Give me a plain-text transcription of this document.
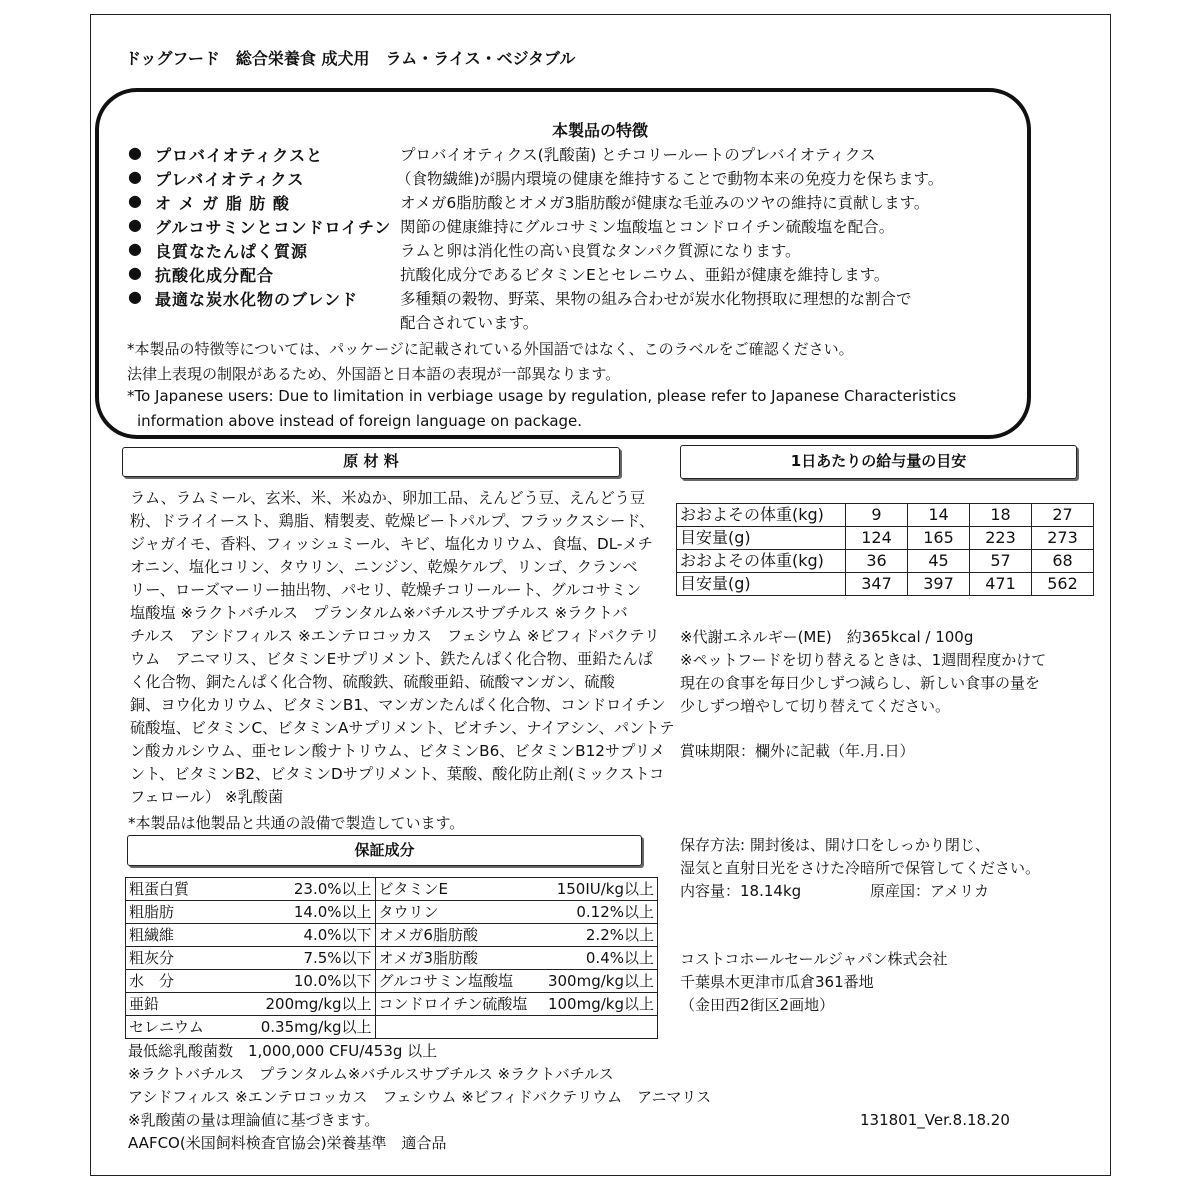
ドッグフード　総合栄養食 成犬用　ラム・ライス・ベジタブル
本製品の特徴
● プロバイオティクスと	プロバイオティクス(乳酸菌) とチコリールートのプレバイオティクス
● プレバイオティクス	（食物繊維)が腸内環境の健康を維持することで動物本来の免疫力を保ちます。
● オ メ ガ 脂 肪 酸	オメガ6脂肪酸とオメガ3脂肪酸が健康な毛並みのツヤの維持に貢献します。
● グルコサミンとコンドロイチン 関節の健康維持にグルコサミン塩酸塩とコンドロイチン硫酸塩を配合。
● 良質なたんぱく質源	ラムと卵は消化性の高い良質なタンパク質源になります。
● 抗酸化成分配合	抗酸化成分であるビタミンEとセレニウム、亜鉛が健康を維持します。
● 最適な炭水化物のブレンド	多種類の穀物、野菜、果物の組み合わせが炭水化物摂取に理想的な割合で
配合されています。
*本製品の特徴等については、パッケージに記載されている外国語ではなく、このラベルをご確認ください。
法律上表現の制限があるため、外国語と日本語の表現が一部異なります。
*To Japanese users: Due to limitation in verbiage usage by regulation, please refer to Japanese Characteristics
information above instead of foreign language on package.
原 材 料
ラム、ラムミール、玄米、米、米ぬか、卵加工品、えんどう豆、えんどう豆
粉、ドライイースト、鶏脂、精製麦、乾燥ビートパルプ、フラックスシード、
ジャガイモ、香料、フィッシュミール、キビ、塩化カリウム、食塩、DL-メチ
オニン、塩化コリン、タウリン、ニンジン、乾燥ケルプ、リンゴ、クランベ
リー、ローズマーリー抽出物、パセリ、乾燥チコリールート、グルコサミン
塩酸塩 ※ラクトバチルス　プランタルム※バチルスサブチルス ※ラクトバ
チルス　アシドフィルス ※エンテロコッカス　フェシウム ※ビフィドバクテリ
ウム　アニマリス、ビタミンEサプリメント、鉄たんぱく化合物、亜鉛たんぱ
く化合物、銅たんぱく化合物、硫酸鉄、硫酸亜鉛、硫酸マンガン、硫酸
銅、ヨウ化カリウム、ビタミンB1、マンガンたんぱく化合物、コンドロイチン
硫酸塩、ビタミンC、ビタミンAサプリメント、ビオチン、ナイアシン、パントテ
ン酸カルシウム、亜セレン酸ナトリウム、ビタミンB6、ビタミンB12サプリメ
ント、ビタミンB2、ビタミンDサプリメント、葉酸、酸化防止剤(ミックストコ
フェロール） ※乳酸菌
*本製品は他製品と共通の設備で製造しています。
保証成分
粗蛋白質 23.0%以上	ビタミンE 150IU/kg以上

粗脂肪 14.0%以上	タウリン 0.12%以上

粗繊維 4.0%以下	オメガ6脂肪酸 2.2%以上

粗灰分 7.5%以下	オメガ3脂肪酸 0.4%以上

水　分 10.0%以下	グルコサミン塩酸塩 300mg/kg以上

亜鉛 200mg/kg以上	コンドロイチン硫酸塩 100mg/kg以上

セレニウム 0.35mg/kg以上	

最低総乳酸菌数　1,000,000 CFU/453g 以上
※ラクトバチルス　プランタルム※バチルスサブチルス ※ラクトバチルス
アシドフィルス ※エンテロコッカス　フェシウム ※ビフィドバクテリウム　アニマリス
※乳酸菌の量は理論値に基づきます。
AAFCO(米国飼料検査官協会)栄養基準　適合品
1日あたりの給与量の目安
おおよその体重(kg)	9	14	18	27
目安量(g)	124	165	223	273
おおよその体重(kg)	36	45	57	68
目安量(g)	347	397	471	562
※代謝エネルギー(ME)　約365kcal / 100g
※ペットフードを切り替えるときは、1週間程度かけて
現在の食事を毎日少しずつ減らし、新しい食事の量を
少しずつ増やして切り替えてください。
賞味期限：欄外に記載（年.月.日）
保存方法: 開封後は、開け口をしっかり閉じ、
湿気と直射日光をさけた冷暗所で保管してください。
内容量：18.14kg	原産国：アメリカ
コストコホールセールジャパン株式会社
千葉県木更津市瓜倉361番地
（金田西2街区2画地）
131801_Ver.8.18.20
